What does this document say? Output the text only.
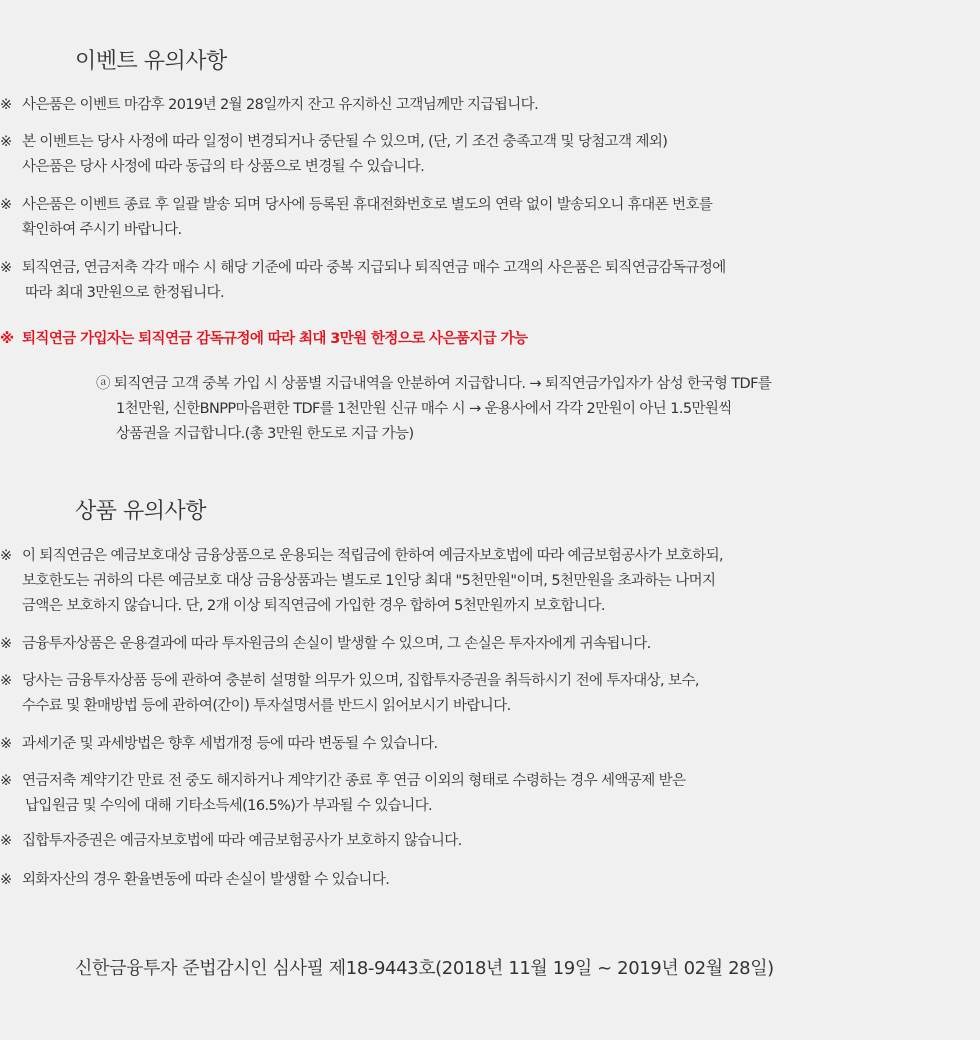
이벤트 유의사항
※ 사은품은 이벤트 마감후 2019년 2월 28일까지 잔고 유지하신 고객님께만 지급됩니다.
※ 본 이벤트는 당사 사정에 따라 일정이 변경되거나 중단될 수 있으며, (단, 기 조건 충족고객 및 당첨고객 제외)
사은품은 당사 사정에 따라 동급의 타 상품으로 변경될 수 있습니다.
※ 사은품은 이벤트 종료 후 일괄 발송 되며 당사에 등록된 휴대전화번호로 별도의 연락 없이 발송되오니 휴대폰 번호를
확인하여 주시기 바랍니다.
※ 퇴직연금, 연금저축 각각 매수 시 해당 기준에 따라 중복 지급되나 퇴직연금 매수 고객의 사은품은 퇴직연금감독규정에
따라 최대 3만원으로 한정됩니다.
※ 퇴직연금 가입자는 퇴직연금 감독규정에 따라 최대 3만원 한정으로 사은품지급 가능
ⓐ 퇴직연금 고객 중복 가입 시 상품별 지급내역을 안분하여 지급합니다. → 퇴직연금가입자가 삼성 한국형 TDF를
1천만원, 신한BNPP마음편한 TDF를 1천만원 신규 매수 시 → 운용사에서 각각 2만원이 아닌 1.5만원씩
상품권을 지급합니다.(총 3만원 한도로 지급 가능)
상품 유의사항
※ 이 퇴직연금은 예금보호대상 금융상품으로 운용되는 적립금에 한하여 예금자보호법에 따라 예금보험공사가 보호하되,
보호한도는 귀하의 다른 예금보호 대상 금융상품과는 별도로 1인당 최대 "5천만원"이며, 5천만원을 초과하는 나머지
금액은 보호하지 않습니다. 단, 2개 이상 퇴직연금에 가입한 경우 합하여 5천만원까지 보호합니다.
※ 금융투자상품은 운용결과에 따라 투자원금의 손실이 발생할 수 있으며, 그 손실은 투자자에게 귀속됩니다.
※ 당사는 금융투자상품 등에 관하여 충분히 설명할 의무가 있으며, 집합투자증권을 취득하시기 전에 투자대상, 보수,
수수료 및 환매방법 등에 관하여(간이) 투자설명서를 반드시 읽어보시기 바랍니다.
※ 과세기준 및 과세방법은 향후 세법개정 등에 따라 변동될 수 있습니다.
※ 연금저축 계약기간 만료 전 중도 해지하거나 계약기간 종료 후 연금 이외의 형태로 수령하는 경우 세액공제 받은
납입원금 및 수익에 대해 기타소득세(16.5%)가 부과될 수 있습니다.
※ 집합투자증권은 예금자보호법에 따라 예금보험공사가 보호하지 않습니다.
※ 외화자산의 경우 환율변동에 따라 손실이 발생할 수 있습니다.

신한금융투자 준법감시인 심사필 제18-9443호(2018년 11월 19일 ~ 2019년 02월 28일)
